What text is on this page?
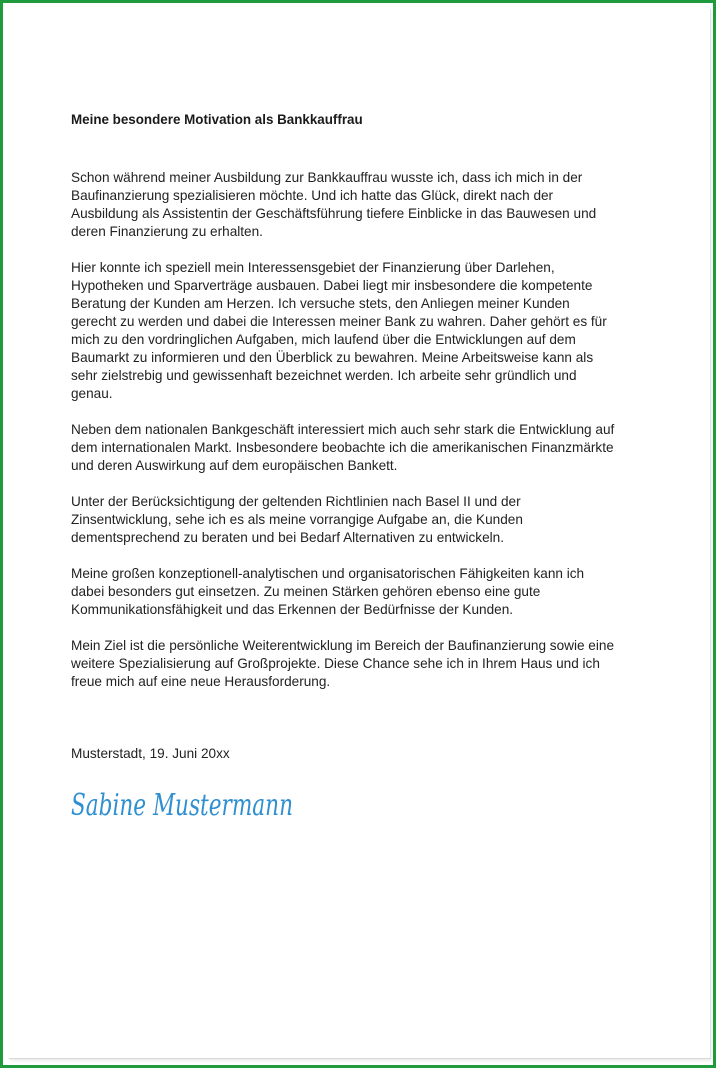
Meine besondere Motivation als Bankkauffrau

Schon während meiner Ausbildung zur Bankkauffrau wusste ich, dass ich mich in der
Baufinanzierung spezialisieren möchte. Und ich hatte das Glück, direkt nach der
Ausbildung als Assistentin der Geschäftsführung tiefere Einblicke in das Bauwesen und
deren Finanzierung zu erhalten.

Hier konnte ich speziell mein Interessensgebiet der Finanzierung über Darlehen,
Hypotheken und Sparverträge ausbauen. Dabei liegt mir insbesondere die kompetente
Beratung der Kunden am Herzen. Ich versuche stets, den Anliegen meiner Kunden
gerecht zu werden und dabei die Interessen meiner Bank zu wahren. Daher gehört es für
mich zu den vordringlichen Aufgaben, mich laufend über die Entwicklungen auf dem
Baumarkt zu informieren und den Überblick zu bewahren. Meine Arbeitsweise kann als
sehr zielstrebig und gewissenhaft bezeichnet werden. Ich arbeite sehr gründlich und
genau.

Neben dem nationalen Bankgeschäft interessiert mich auch sehr stark die Entwicklung auf
dem internationalen Markt. Insbesondere beobachte ich die amerikanischen Finanzmärkte
und deren Auswirkung auf dem europäischen Bankett.

Unter der Berücksichtigung der geltenden Richtlinien nach Basel II und der
Zinsentwicklung, sehe ich es als meine vorrangige Aufgabe an, die Kunden
dementsprechend zu beraten und bei Bedarf Alternativen zu entwickeln.

Meine großen konzeptionell-analytischen und organisatorischen Fähigkeiten kann ich
dabei besonders gut einsetzen. Zu meinen Stärken gehören ebenso eine gute
Kommunikationsfähigkeit und das Erkennen der Bedürfnisse der Kunden.

Mein Ziel ist die persönliche Weiterentwicklung im Bereich der Baufinanzierung sowie eine
weitere Spezialisierung auf Großprojekte. Diese Chance sehe ich in Ihrem Haus und ich
freue mich auf eine neue Herausforderung.

Musterstadt, 19. Juni 20xx
Sabine Mustermann
